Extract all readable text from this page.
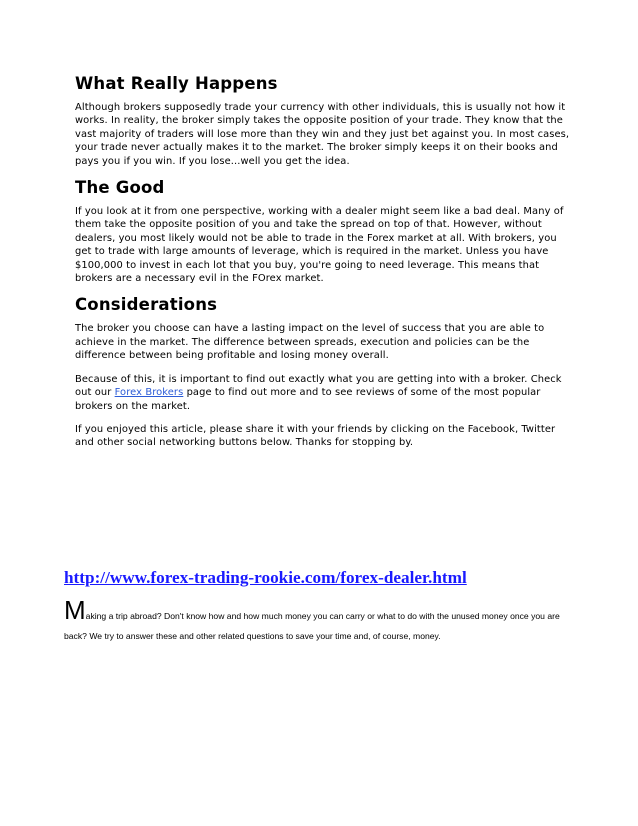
What Really Happens

Although brokers supposedly trade your currency with other individuals, this is usually not how it works. In reality, the broker simply takes the opposite position of your trade. They know that the vast majority of traders will lose more than they win and they just bet against you. In most cases, your trade never actually makes it to the market. The broker simply keeps it on their books and pays you if you win. If you lose...well you get the idea.

The Good

If you look at it from one perspective, working with a dealer might seem like a bad deal. Many of them take the opposite position of you and take the spread on top of that. However, without dealers, you most likely would not be able to trade in the Forex market at all. With brokers, you get to trade with large amounts of leverage, which is required in the market. Unless you have $100,000 to invest in each lot that you buy, you're going to need leverage. This means that brokers are a necessary evil in the FOrex market.

Considerations

The broker you choose can have a lasting impact on the level of success that you are able to achieve in the market. The difference between spreads, execution and policies can be the difference between being profitable and losing money overall.

Because of this, it is important to find out exactly what you are getting into with a broker. Check out our Forex Brokers page to find out more and to see reviews of some of the most popular brokers on the market.

If you enjoyed this article, please share it with your friends by clicking on the Facebook, Twitter and other social networking buttons below. Thanks for stopping by.

http://www.forex-trading-rookie.com/forex-dealer.html
Making a trip abroad? Don't know how and how much money you can carry or what to do with the unused money once you are back? We try to answer these and other related questions to save your time and, of course, money.
